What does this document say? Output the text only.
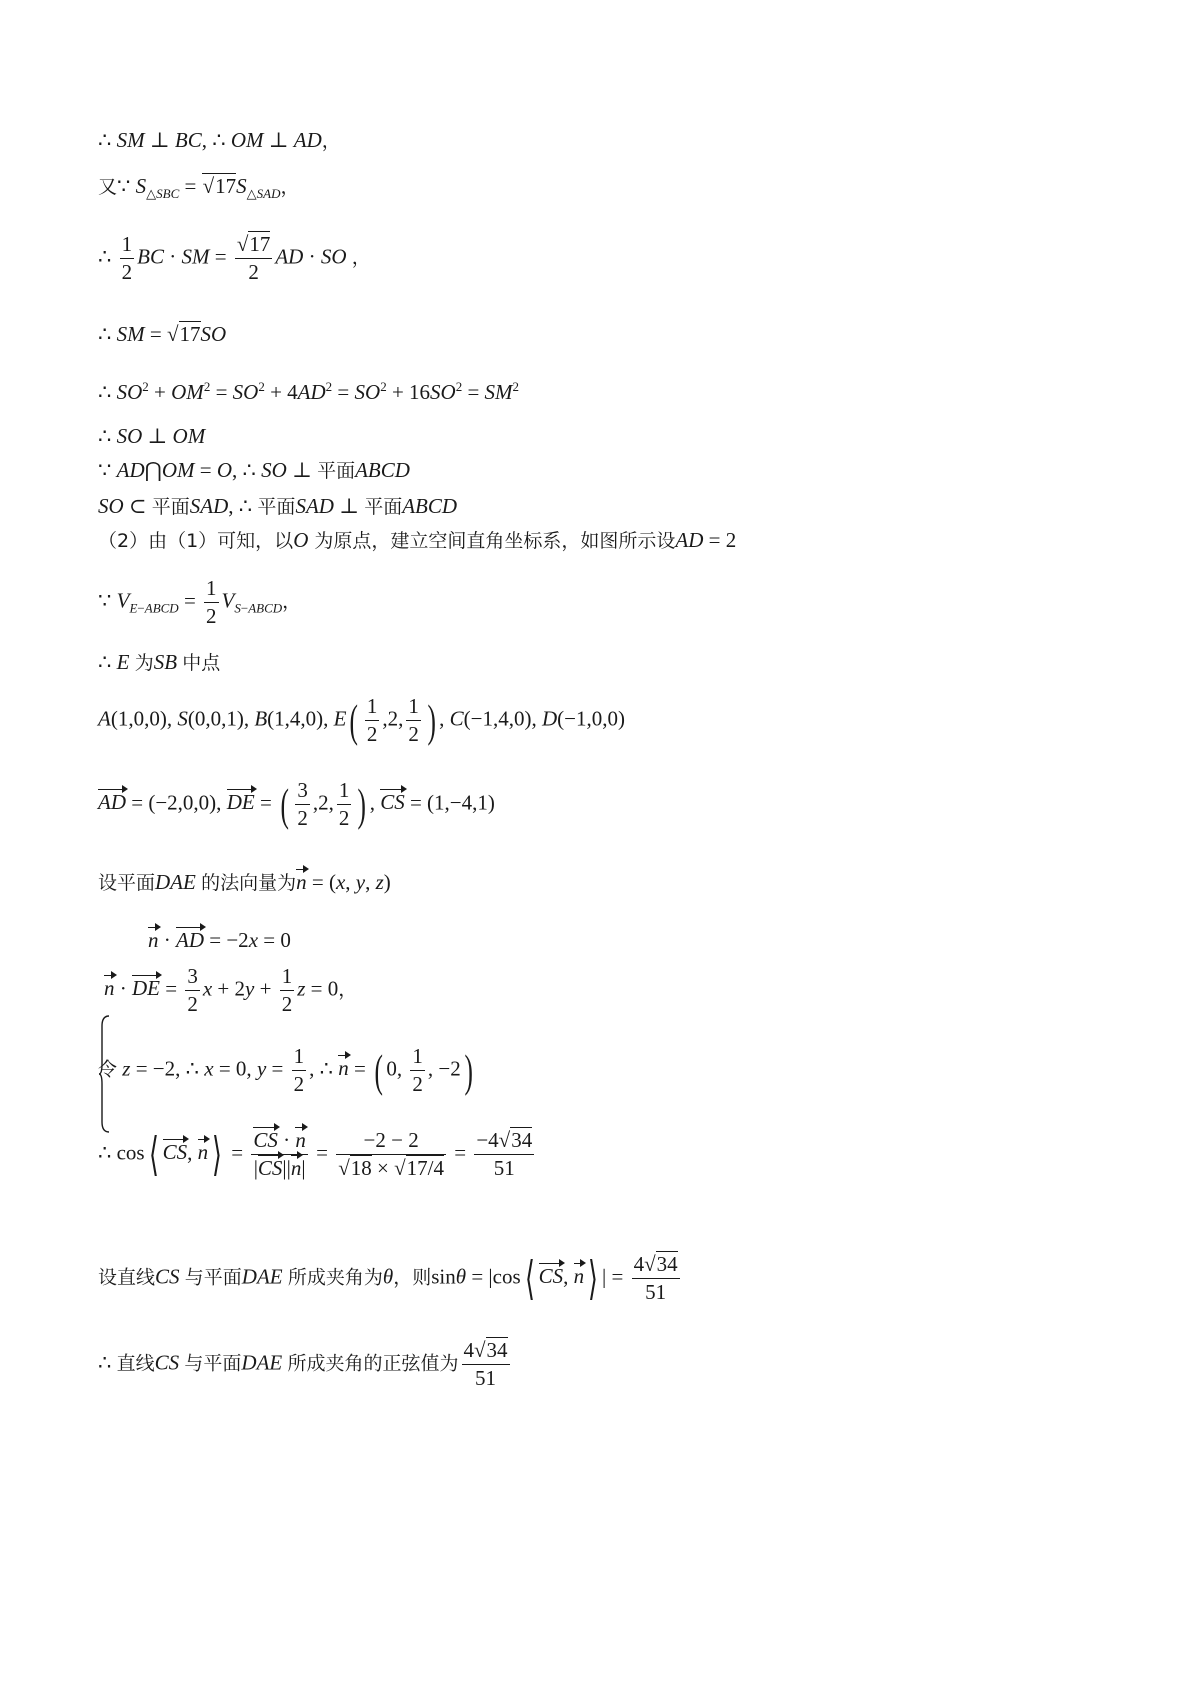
∴ SM ⊥ BC, ∴ OM ⊥ AD，
又∵ $S_{\triangle SBC} = √17S_{\triangle SAD}$，
∴ $\frac{1}{2}$ BC · SM = $\frac{√17}{2}$ AD · SO ，
∴ SM = √17SO
∴ $SO^2 + OM^2 = SO^2 + 4AD^2 = SO^2 + 16SO^2 = SM^2$
∴ SO ⊥ OM
∵ AD⋂OM = O, ∴ SO ⊥ 平面ABCD
SO ⊂ 平面SAD, ∴ 平面SAD ⊥ 平面ABCD
（2）由（1）可知，以O 为原点，建立空间直角坐标系，如图所示设AD = 2
∵ $V_{E-ABCD} = \frac{1}{2} V_{S-ABCD}$，
∴ E 为SB 中点
A(1,0,0), S(0,0,1), B(1,4,0), $E( \frac{1}{2} ,2$, $\frac{1}{2}$ ) , C(−1,4,0), D(−1,0,0)
AD = (−2,0,0), DE = ( $\frac{3}{2} ,2$, $\frac{1}{2}$ ) , CS = (1,−4,1)
设平面DAE 的法向量为n = (x, y, z)
n · AD = −2x = 0
n · DE = $\frac{3}{2}$ $x + 2y + \frac{1}{2}$ z = 0，
令 z = −2, ∴ x = 0, $y = \frac{1}{2}$ , ∴ n = ( 0, $\frac{1}{2}$ , −2)
∴ cos⟨ CS, n⟩ = $\frac{CS \cdot n}{|CS||n|} = \frac{-2 - 2}{√18 \times √17/4} = \frac{-4√34}{51}$
设直线CS 与平面DAE 所成夹角为θ，则sinθ = |cos⟨ CS, n⟩ | = $\frac{4√34}{51}$
∴ 直线CS 与平面DAE 所成夹角的正弦值为 $\frac{4√34}{51}$
